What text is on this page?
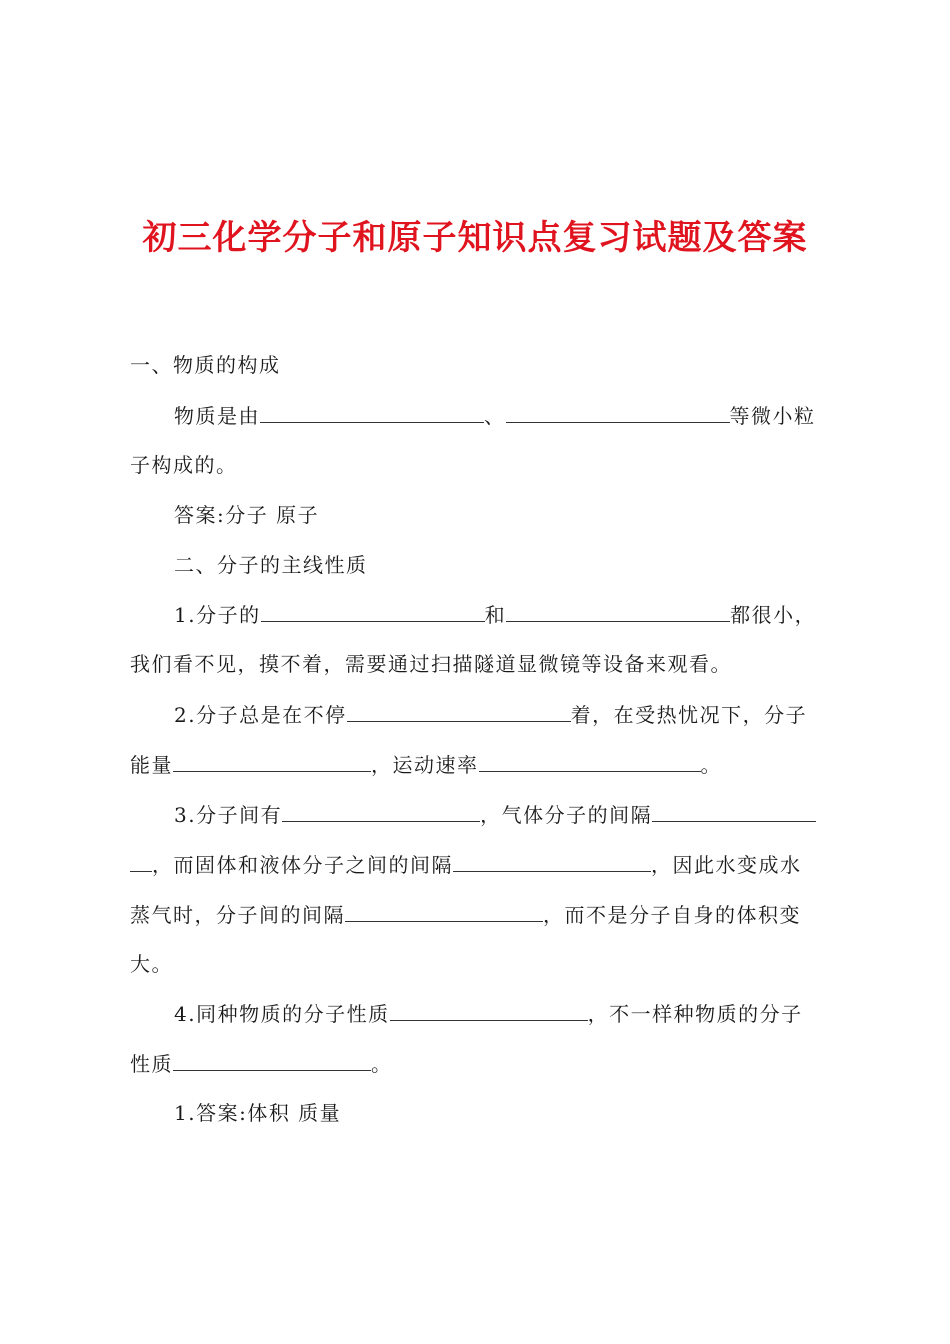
初三化学分子和原子知识点复习试题及答案
一、物质的构成
物质是由	、	等微小粒
子构成的。
答案:分子 原子
二、分子的主线性质
1.分子的	和	都很小，
我们看不见，摸不着，需要通过扫描隧道显微镜等设备来观看。
2.分子总是在不停	着，在受热忧况下，分子
能量	，运动速率	。
3.分子间有	，气体分子的间隔
，而固体和液体分子之间的间隔	，因此水变成水
蒸气时，分子间的间隔	，而不是分子自身的体积变
大。
4.同种物质的分子性质	，不一样种物质的分子
性质	。
1.答案:体积 质量
